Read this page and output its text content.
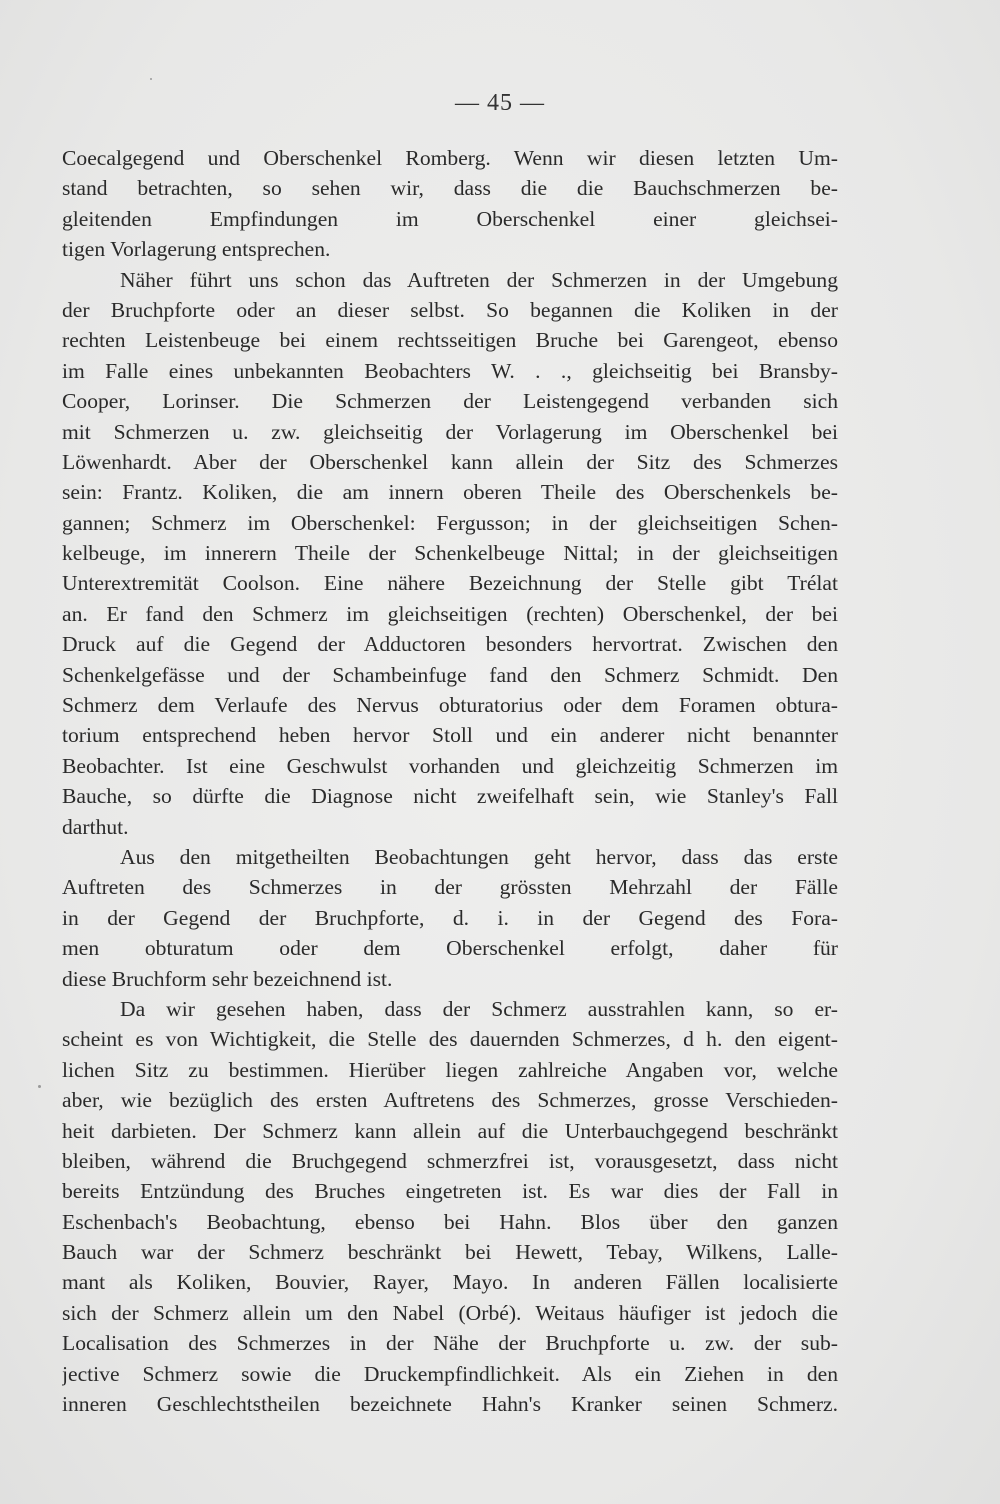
— 45 —
Coecalgegend und Oberschenkel Romberg. Wenn wir diesen letzten Um-
stand betrachten, so sehen wir, dass die die Bauchschmerzen be-
gleitenden Empfindungen im Oberschenkel einer gleichsei-
tigen Vorlagerung entsprechen.
Näher führt uns schon das Auftreten der Schmerzen in der Umgebung
der Bruchpforte oder an dieser selbst. So begannen die Koliken in der
rechten Leistenbeuge bei einem rechtsseitigen Bruche bei Garengeot, ebenso
im Falle eines unbekannten Beobachters W. . ., gleichseitig bei Bransby-
Cooper, Lorinser. Die Schmerzen der Leistengegend verbanden sich
mit Schmerzen u. zw. gleichseitig der Vorlagerung im Oberschenkel bei
Löwenhardt. Aber der Oberschenkel kann allein der Sitz des Schmerzes
sein: Frantz. Koliken, die am innern oberen Theile des Oberschenkels be-
gannen; Schmerz im Oberschenkel: Fergusson; in der gleichseitigen Schen-
kelbeuge, im innerern Theile der Schenkelbeuge Nittal; in der gleichseitigen
Unterextremität Coolson. Eine nähere Bezeichnung der Stelle gibt Trélat
an. Er fand den Schmerz im gleichseitigen (rechten) Oberschenkel, der bei
Druck auf die Gegend der Adductoren besonders hervortrat. Zwischen den
Schenkelgefässe und der Schambeinfuge fand den Schmerz Schmidt. Den
Schmerz dem Verlaufe des Nervus obturatorius oder dem Foramen obtura-
torium entsprechend heben hervor Stoll und ein anderer nicht benannter
Beobachter. Ist eine Geschwulst vorhanden und gleichzeitig Schmerzen im
Bauche, so dürfte die Diagnose nicht zweifelhaft sein, wie Stanley's Fall
darthut.
Aus den mitgetheilten Beobachtungen geht hervor, dass das erste
Auftreten des Schmerzes in der grössten Mehrzahl der Fälle
in der Gegend der Bruchpforte, d. i. in der Gegend des Fora-
men obturatum oder dem Oberschenkel erfolgt, daher für
diese Bruchform sehr bezeichnend ist.
Da wir gesehen haben, dass der Schmerz ausstrahlen kann, so er-
scheint es von Wichtigkeit, die Stelle des dauernden Schmerzes, d h. den eigent-
lichen Sitz zu bestimmen. Hierüber liegen zahlreiche Angaben vor, welche
aber, wie bezüglich des ersten Auftretens des Schmerzes, grosse Verschieden-
heit darbieten. Der Schmerz kann allein auf die Unterbauchgegend beschränkt
bleiben, während die Bruchgegend schmerzfrei ist, vorausgesetzt, dass nicht
bereits Entzündung des Bruches eingetreten ist. Es war dies der Fall in
Eschenbach's Beobachtung, ebenso bei Hahn. Blos über den ganzen
Bauch war der Schmerz beschränkt bei Hewett, Tebay, Wilkens, Lalle-
mant als Koliken, Bouvier, Rayer, Mayo. In anderen Fällen localisierte
sich der Schmerz allein um den Nabel (Orbé). Weitaus häufiger ist jedoch die
Localisation des Schmerzes in der Nähe der Bruchpforte u. zw. der sub-
jective Schmerz sowie die Druckempfindlichkeit. Als ein Ziehen in den
inneren Geschlechtstheilen bezeichnete Hahn's Kranker seinen Schmerz.
